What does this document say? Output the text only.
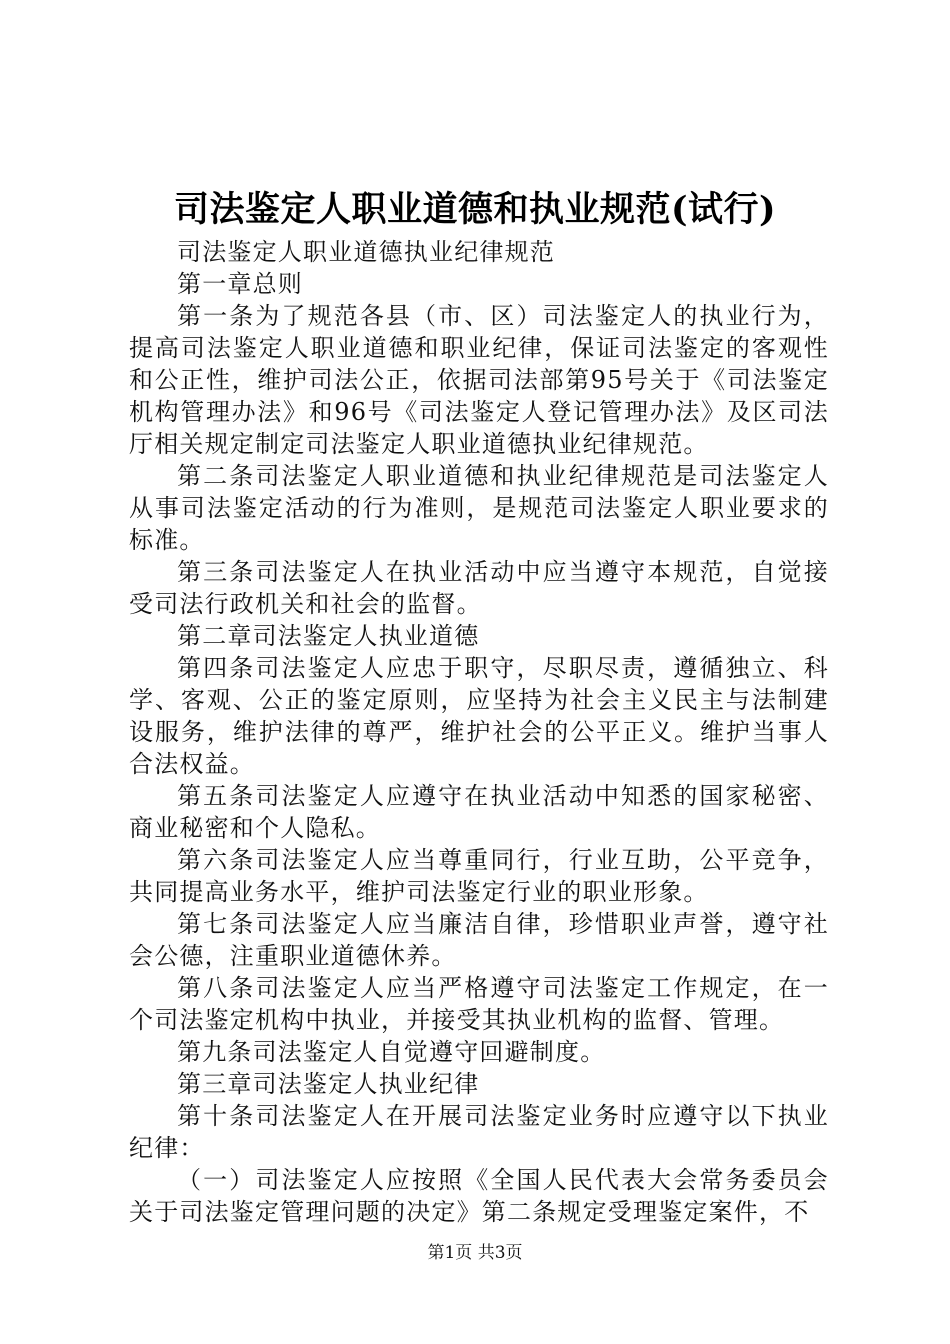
司法鉴定人职业道德和执业规范(试行)

司法鉴定人职业道德执业纪律规范

第一章总则

第一条为了规范各县（市、区）司法鉴定人的执业行为，提高司法鉴定人职业道德和职业纪律，保证司法鉴定的客观性和公正性，维护司法公正，依据司法部第95号关于《司法鉴定机构管理办法》和96号《司法鉴定人登记管理办法》及区司法厅相关规定制定司法鉴定人职业道德执业纪律规范。

第二条司法鉴定人职业道德和执业纪律规范是司法鉴定人从事司法鉴定活动的行为准则，是规范司法鉴定人职业要求的标准。

第三条司法鉴定人在执业活动中应当遵守本规范，自觉接受司法行政机关和社会的监督。

第二章司法鉴定人执业道德

第四条司法鉴定人应忠于职守，尽职尽责，遵循独立、科学、客观、公正的鉴定原则，应坚持为社会主义民主与法制建设服务，维护法律的尊严，维护社会的公平正义。维护当事人合法权益。

第五条司法鉴定人应遵守在执业活动中知悉的国家秘密、商业秘密和个人隐私。

第六条司法鉴定人应当尊重同行，行业互助，公平竞争，共同提高业务水平，维护司法鉴定行业的职业形象。

第七条司法鉴定人应当廉洁自律，珍惜职业声誉，遵守社会公德，注重职业道德休养。

第八条司法鉴定人应当严格遵守司法鉴定工作规定，在一个司法鉴定机构中执业，并接受其执业机构的监督、管理。

第九条司法鉴定人自觉遵守回避制度。

第三章司法鉴定人执业纪律

第十条司法鉴定人在开展司法鉴定业务时应遵守以下执业纪律：

（一）司法鉴定人应按照《全国人民代表大会常务委员会关于司法鉴定管理问题的决定》第二条规定受理鉴定案件，不

第1页 共3页
